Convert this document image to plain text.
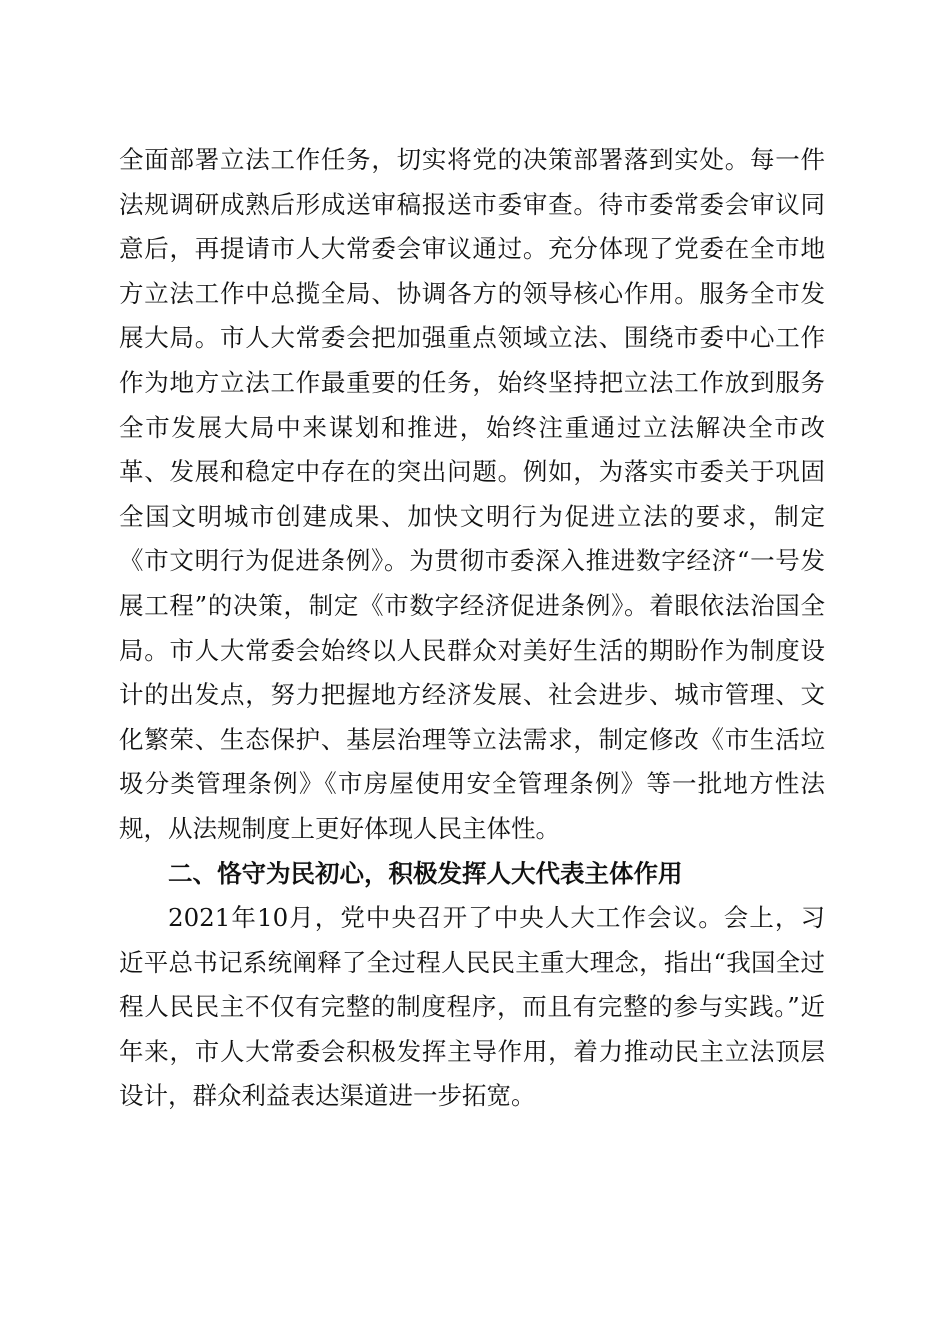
全面部署立法工作任务，切实将党的决策部署落到实处。每一件法规调研成熟后形成送审稿报送市委审查。待市委常委会审议同意后，再提请市人大常委会审议通过。充分体现了党委在全市地方立法工作中总揽全局、协调各方的领导核心作用。服务全市发展大局。市人大常委会把加强重点领域立法、围绕市委中心工作作为地方立法工作最重要的任务，始终坚持把立法工作放到服务全市发展大局中来谋划和推进，始终注重通过立法解决全市改革、发展和稳定中存在的突出问题。例如，为落实市委关于巩固全国文明城市创建成果、加快文明行为促进立法的要求，制定《市文明行为促进条例》。为贯彻市委深入推进数字经济“一号发展工程”的决策，制定《市数字经济促进条例》。着眼依法治国全局。市人大常委会始终以人民群众对美好生活的期盼作为制度设计的出发点，努力把握地方经济发展、社会进步、城市管理、文化繁荣、生态保护、基层治理等立法需求，制定修改《市生活垃圾分类管理条例》《市房屋使用安全管理条例》等一批地方性法规，从法规制度上更好体现人民主体性。

二、恪守为民初心，积极发挥人大代表主体作用

2021年10月，党中央召开了中央人大工作会议。会上，习近平总书记系统阐释了全过程人民民主重大理念，指出“我国全过程人民民主不仅有完整的制度程序，而且有完整的参与实践。”近年来，市人大常委会积极发挥主导作用，着力推动民主立法顶层设计，群众利益表达渠道进一步拓宽。
